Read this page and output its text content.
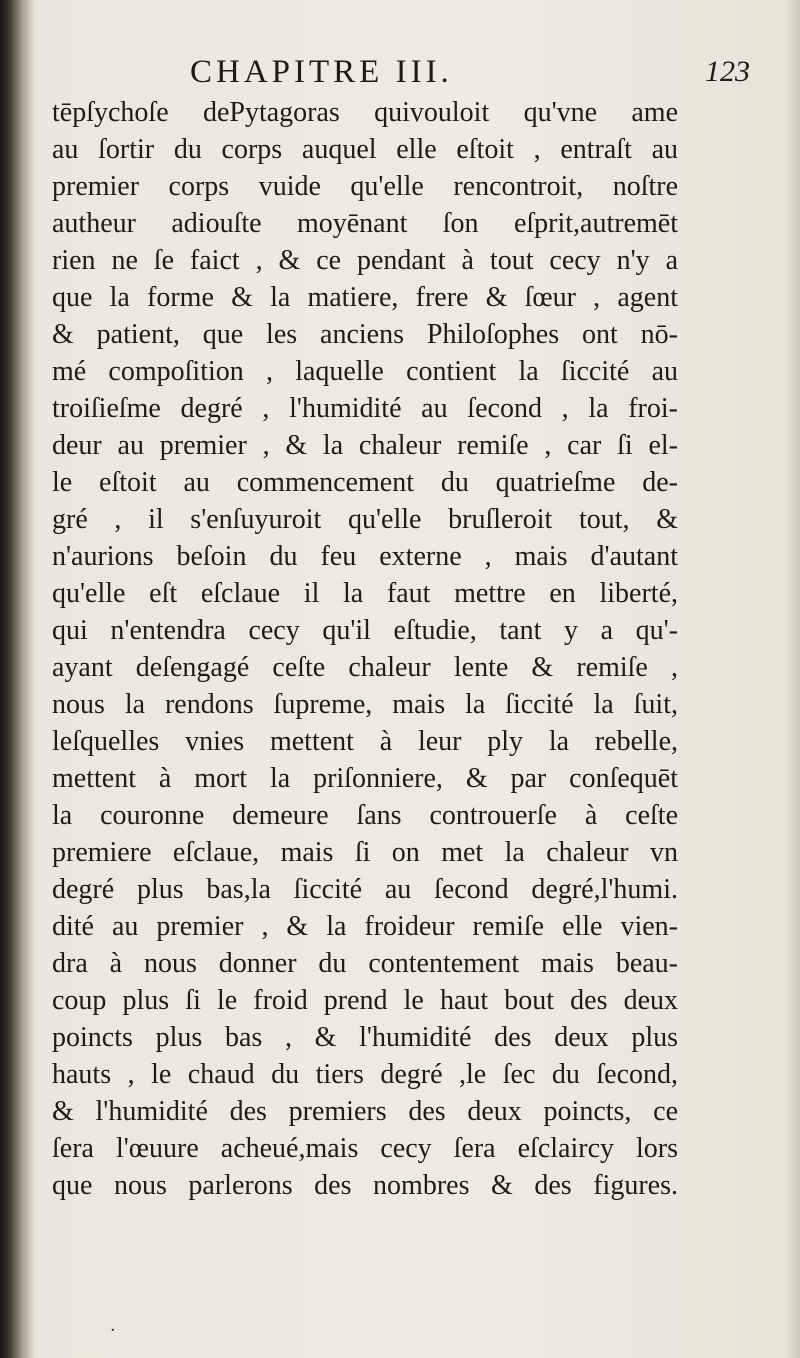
CHAPITRE III.	123
tēpſychoſe dePytagoras quivouloit qu'vne ame
au ſortir du corps auquel elle eſtoit , entraſt au
premier corps vuide qu'elle rencontroit, noſtre
autheur adiouſte moyēnant ſon eſprit,autremēt
rien ne ſe faict , & ce pendant à tout cecy n'y a
que la forme & la matiere, frere & ſœur , agent
& patient, que les anciens Philoſophes ont nō-
mé compoſition , laquelle contient la ſiccité au
troiſieſme degré , l'humidité au ſecond , la froi-
deur au premier , & la chaleur remiſe , car ſi el-
le eſtoit au commencement du quatrieſme de-
gré , il s'enſuyuroit qu'elle bruſleroit tout, &
n'aurions beſoin du feu externe , mais d'autant
qu'elle eſt eſclaue il la faut mettre en liberté,
qui n'entendra cecy qu'il eſtudie, tant y a qu'-
ayant deſengagé ceſte chaleur lente & remiſe ,
nous la rendons ſupreme, mais la ſiccité la ſuit,
leſquelles vnies mettent à leur ply la rebelle,
mettent à mort la priſonniere, & par conſequēt
la couronne demeure ſans controuerſe à ceſte
premiere eſclaue, mais ſi on met la chaleur vn
degré plus bas,la ſiccité au ſecond degré,l'humi.
dité au premier , & la froideur remiſe elle vien-
dra à nous donner du contentement mais beau-
coup plus ſi le froid prend le haut bout des deux
poincts plus bas , & l'humidité des deux plus
hauts , le chaud du tiers degré ,le ſec du ſecond,
& l'humidité des premiers des deux poincts, ce
ſera l'œuure acheué,mais cecy ſera eſclaircy lors
que nous parlerons des nombres & des figures.
·
